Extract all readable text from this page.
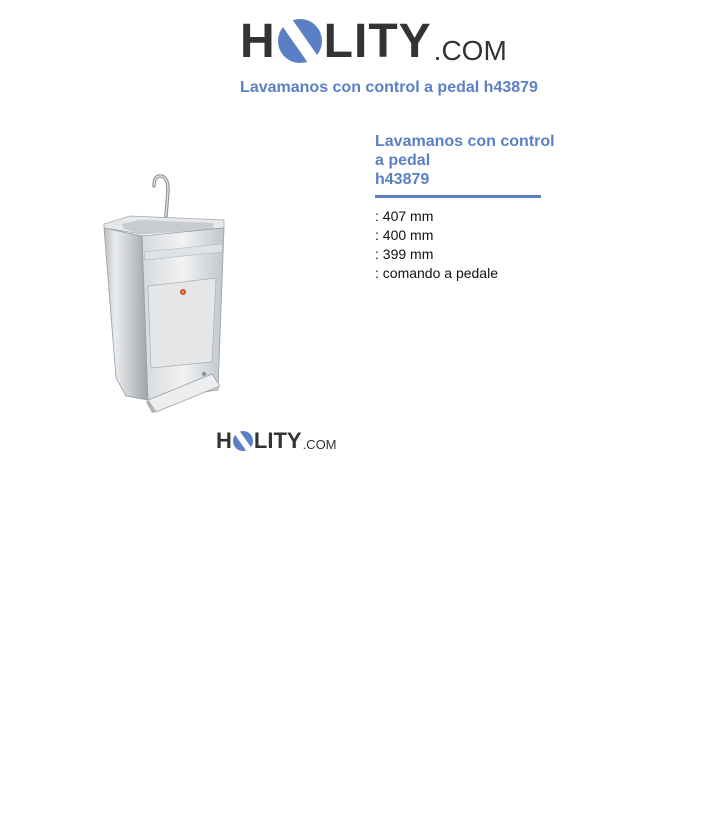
H LITY .COM
Lavamanos con control a pedal h43879
H LITY .COM
Lavamanos con control
a pedal
h43879
: 407 mm
: 400 mm
: 399 mm
: comando a pedale
